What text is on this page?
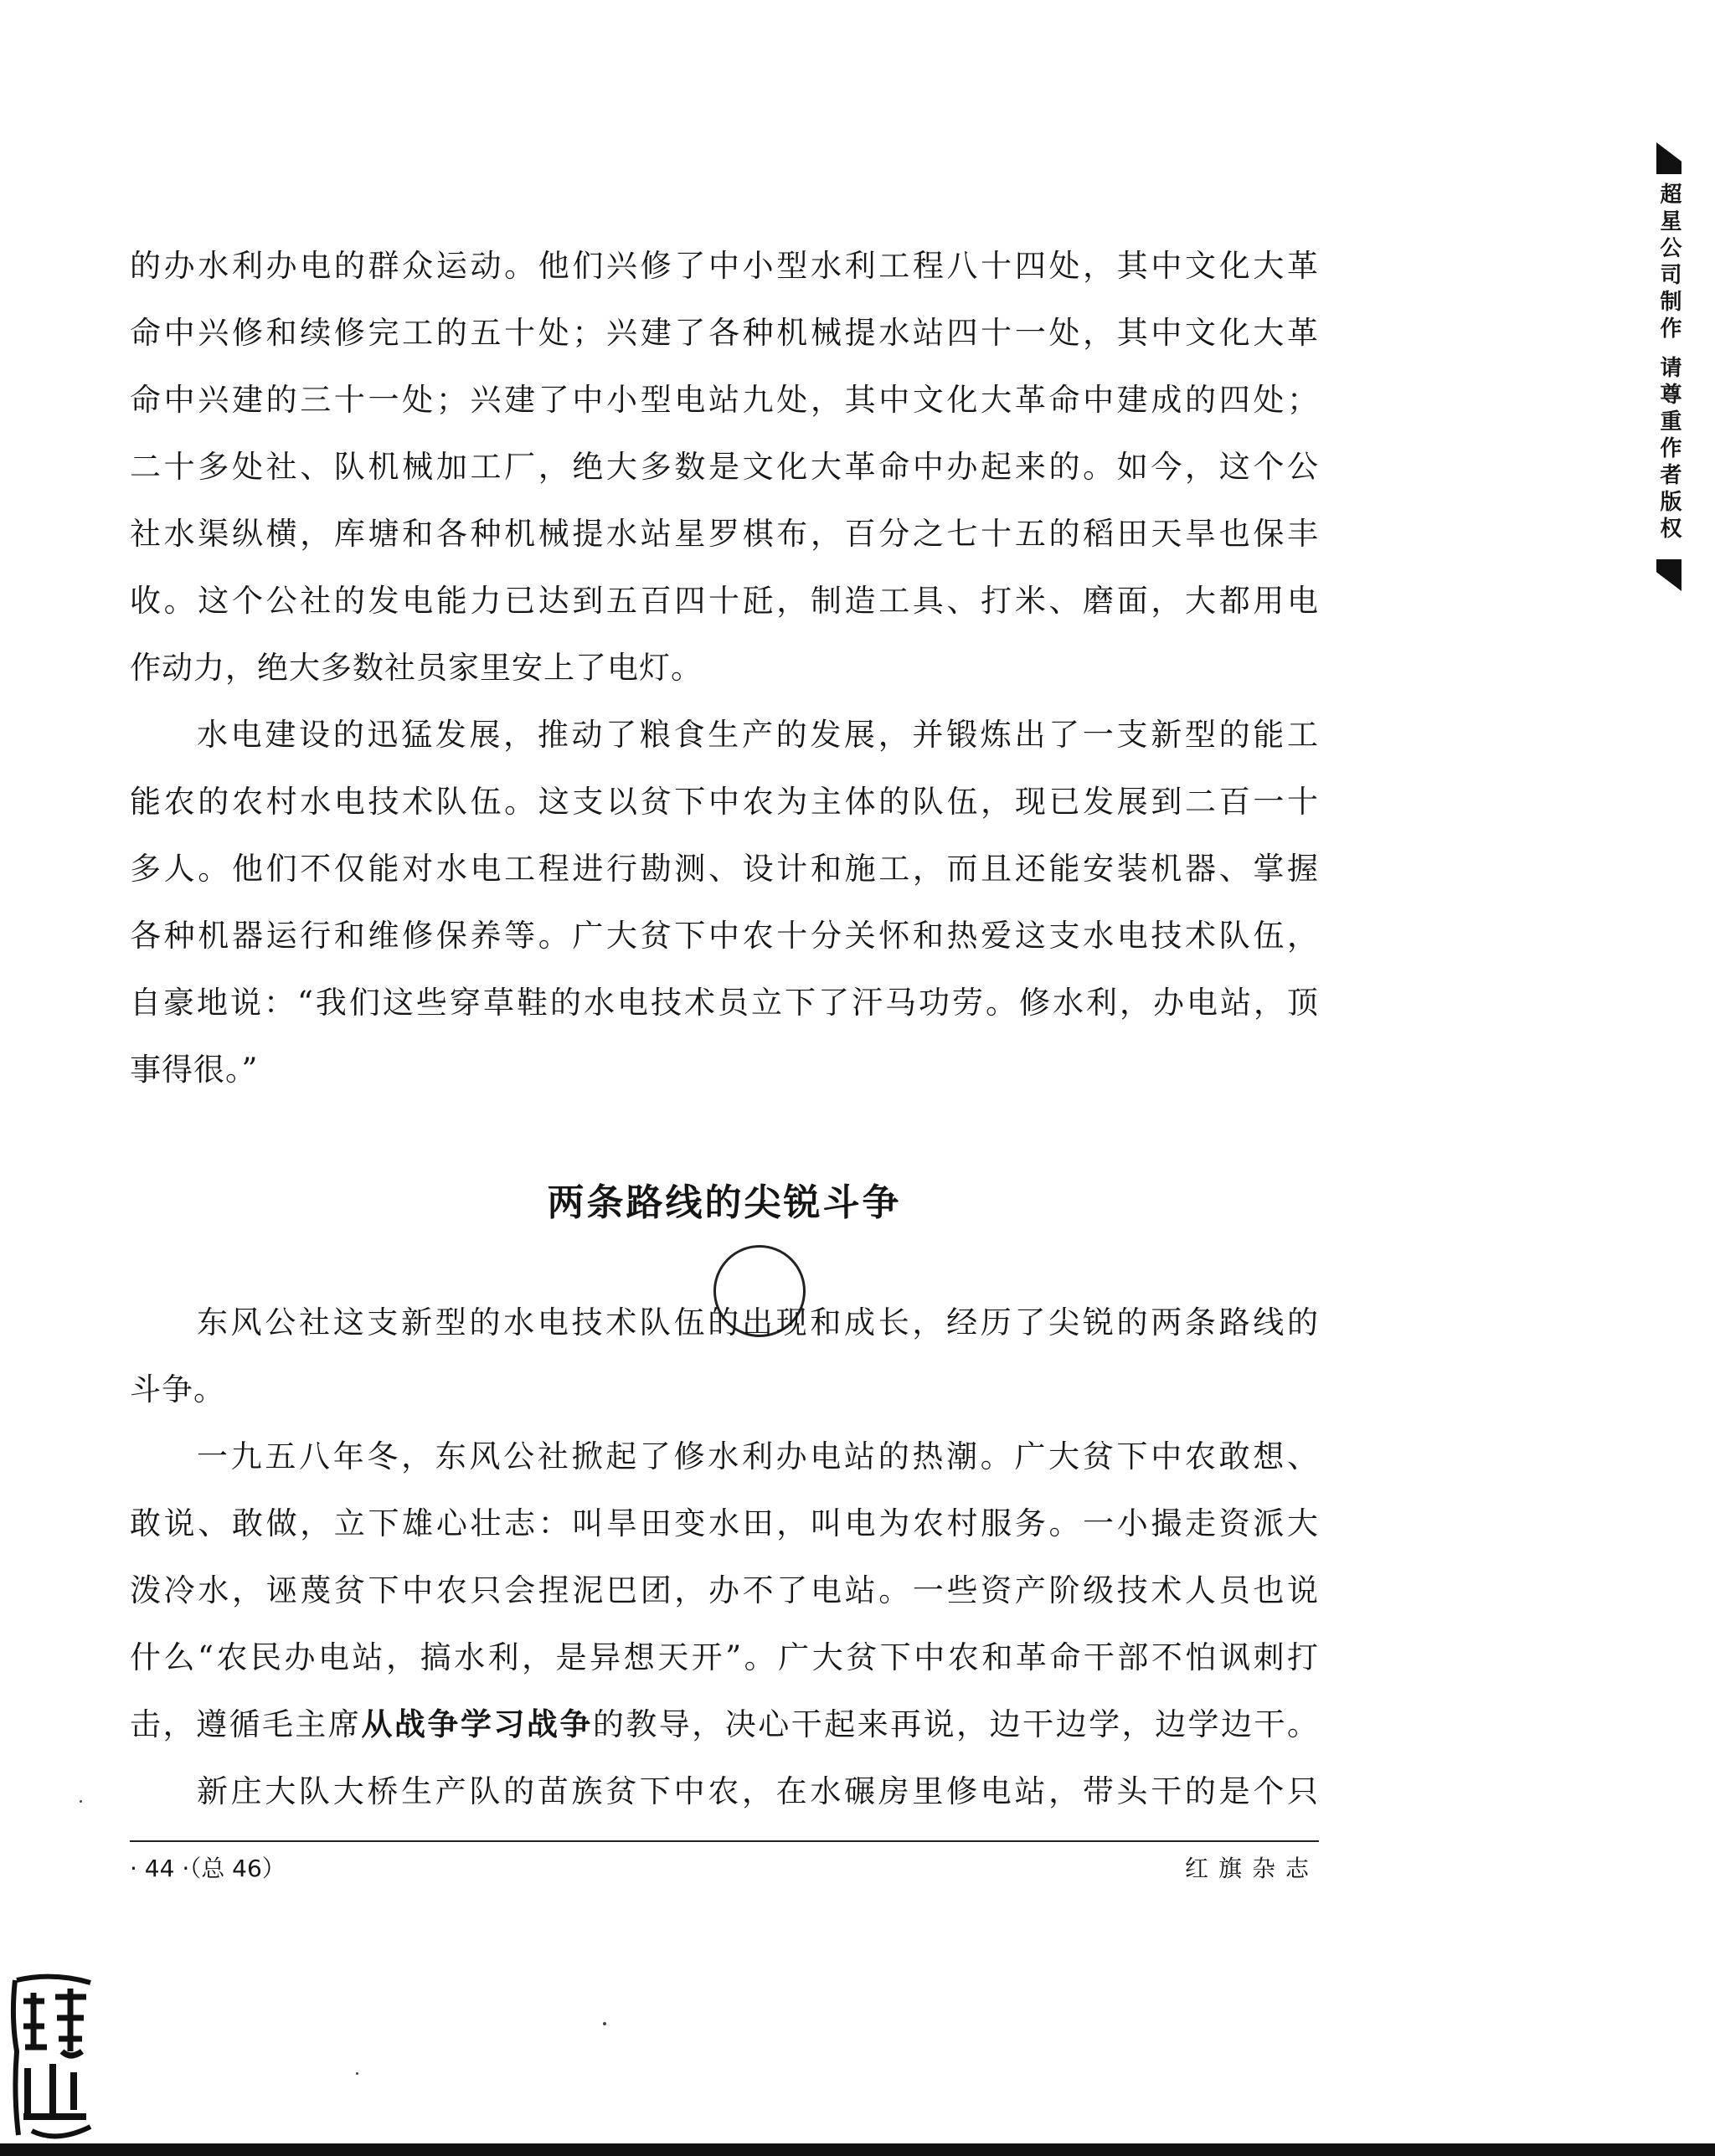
超星公司制作 请尊重作者版权
的办水利办电的群众运动。他们兴修了中小型水利工程八十四处，其中文化大革
命中兴修和续修完工的五十处；兴建了各种机械提水站四十一处，其中文化大革
命中兴建的三十一处；兴建了中小型电站九处，其中文化大革命中建成的四处；
二十多处社、队机械加工厂，绝大多数是文化大革命中办起来的。如今，这个公
社水渠纵横，库塘和各种机械提水站星罗棋布，百分之七十五的稻田天旱也保丰
收。这个公社的发电能力已达到五百四十瓩，制造工具、打米、磨面，大都用电
作动力，绝大多数社员家里安上了电灯。
水电建设的迅猛发展，推动了粮食生产的发展，并锻炼出了一支新型的能工
能农的农村水电技术队伍。这支以贫下中农为主体的队伍，现已发展到二百一十
多人。他们不仅能对水电工程进行勘测、设计和施工，而且还能安装机器、掌握
各种机器运行和维修保养等。广大贫下中农十分关怀和热爱这支水电技术队伍，
自豪地说：“我们这些穿草鞋的水电技术员立下了汗马功劳。修水利，办电站，顶
事得很。”
两条路线的尖锐斗争
东风公社这支新型的水电技术队伍的出现和成长，经历了尖锐的两条路线的
斗争。
一九五八年冬，东风公社掀起了修水利办电站的热潮。广大贫下中农敢想、
敢说、敢做，立下雄心壮志：叫旱田变水田，叫电为农村服务。一小撮走资派大
泼冷水，诬蔑贫下中农只会捏泥巴团，办不了电站。一些资产阶级技术人员也说
什么“农民办电站，搞水利，是异想天开”。广大贫下中农和革命干部不怕讽刺打
击，遵循毛主席从战争学习战争的教导，决心干起来再说，边干边学，边学边干。
新庄大队大桥生产队的苗族贫下中农，在水碾房里修电站，带头干的是个只
· 44 ·（总 46）	红旗杂志
